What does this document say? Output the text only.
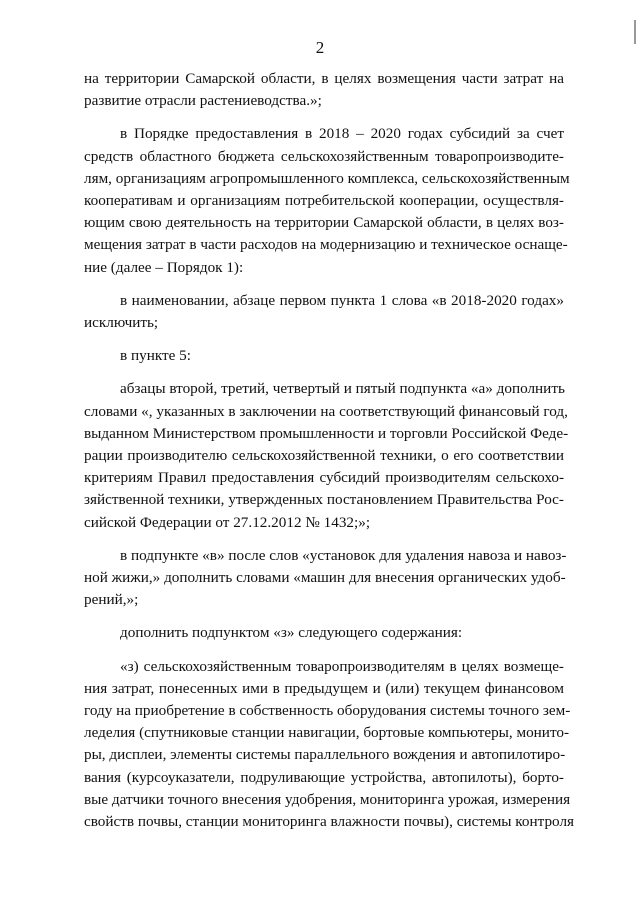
2
на территории Самарской области, в целях возмещения части затрат на
развитие отрасли растениеводства.»;
в Порядке предоставления в 2018 – 2020 годах субсидий за счет
средств областного бюджета сельскохозяйственным товаропроизводите-
лям, организациям агропромышленного комплекса, сельскохозяйственным
кооперативам и организациям потребительской кооперации, осуществля-
ющим свою деятельность на территории Самарской области, в целях воз-
мещения затрат в части расходов на модернизацию и техническое оснаще-
ние (далее – Порядок 1):
в наименовании, абзаце первом пункта 1 слова «в 2018-2020 годах»
исключить;
в пункте 5:
абзацы второй, третий, четвертый и пятый подпункта «а» дополнить
словами «, указанных в заключении на соответствующий финансовый год,
выданном Министерством промышленности и торговли Российской Феде-
рации производителю сельскохозяйственной техники, о его соответствии
критериям Правил предоставления субсидий производителям сельскохо-
зяйственной техники, утвержденных постановлением Правительства Рос-
сийской Федерации от 27.12.2012 № 1432;»;
в подпункте «в» после слов «установок для удаления навоза и навоз-
ной жижи,» дополнить словами «машин для внесения органических удоб-
рений,»;
дополнить подпунктом «з» следующего содержания:
«з) сельскохозяйственным товаропроизводителям в целях возмеще-
ния затрат, понесенных ими в предыдущем и (или) текущем финансовом
году на приобретение в собственность оборудования системы точного зем-
леделия (спутниковые станции навигации, бортовые компьютеры, монито-
ры, дисплеи, элементы системы параллельного вождения и автопилотиро-
вания (курсоуказатели, подруливающие устройства, автопилоты), борто-
вые датчики точного внесения удобрения, мониторинга урожая, измерения
свойств почвы, станции мониторинга влажности почвы), системы контроля
